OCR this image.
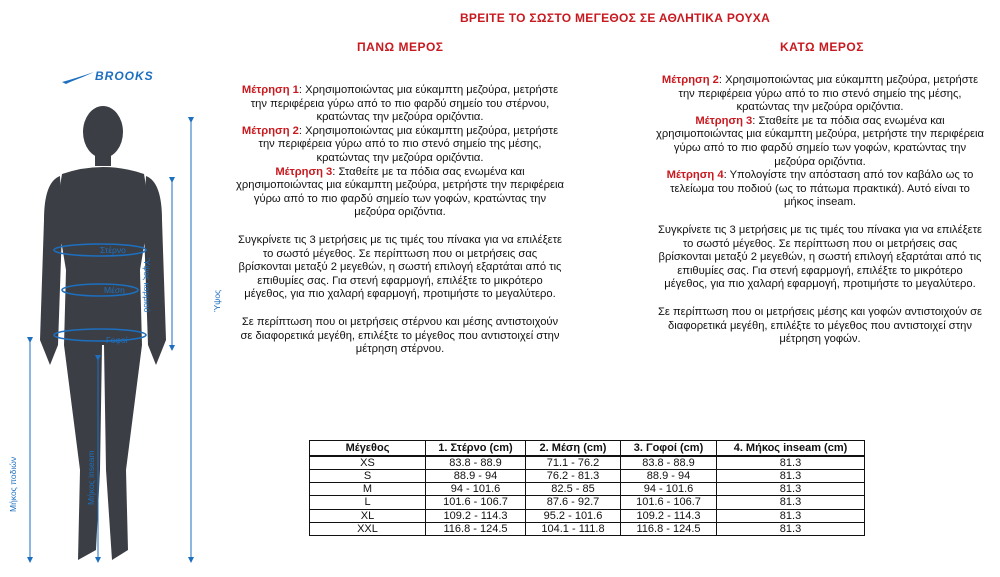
ΒΡΕΙΤΕ ΤΟ ΣΩΣΤΟ ΜΕΓΕΘΟΣ ΣΕ ΑΘΛΗΤΙΚΑ ΡΟΥΧΑ
BROOKS
Στέρνο
Μέση
Γοφοί
Ύψος κορμιού	Ύψος
Μήκος ποδιών	Μήκος inseam
ΠΑΝΩ ΜΕΡΟΣ	ΚΑΤΩ ΜΕΡΟΣ
Μέτρηση 1: Χρησιμοποιώντας μια εύκαμπτη μεζούρα, μετρήστε την περιφέρεια γύρω από το πιο φαρδύ σημείο του στέρνου, κρατώντας την μεζούρα οριζόντια.
Μέτρηση 2: Χρησιμοποιώντας μια εύκαμπτη μεζούρα, μετρήστε την περιφέρεια γύρω από το πιο στενό σημείο της μέσης, κρατώντας την μεζούρα οριζόντια.
Μέτρηση 3: Σταθείτε με τα πόδια σας ενωμένα και χρησιμοποιώντας μια εύκαμπτη μεζούρα, μετρήστε την περιφέρεια γύρω από το πιο φαρδύ σημείο των γοφών, κρατώντας την μεζούρα οριζόντια.
Συγκρίνετε τις 3 μετρήσεις με τις τιμές του πίνακα για να επιλέξετε το σωστό μέγεθος. Σε περίπτωση που οι μετρήσεις σας βρίσκονται μεταξύ 2 μεγεθών, η σωστή επιλογή εξαρτάται από τις επιθυμίες σας. Για στενή εφαρμογή, επιλέξτε το μικρότερο μέγεθος, για πιο χαλαρή εφαρμογή, προτιμήστε το μεγαλύτερο.
Σε περίπτωση που οι μετρήσεις στέρνου και μέσης αντιστοιχούν σε διαφορετικά μεγέθη, επιλέξτε το μέγεθος που αντιστοιχεί στην μέτρηση στέρνου.
Μέτρηση 2: Χρησιμοποιώντας μια εύκαμπτη μεζούρα, μετρήστε την περιφέρεια γύρω από το πιο στενό σημείο της μέσης, κρατώντας την μεζούρα οριζόντια.
Μέτρηση 3: Σταθείτε με τα πόδια σας ενωμένα και χρησιμοποιώντας μια εύκαμπτη μεζούρα, μετρήστε την περιφέρεια γύρω από το πιο φαρδύ σημείο των γοφών, κρατώντας την μεζούρα οριζόντια.
Μέτρηση 4: Υπολογίστε την απόσταση από τον καβάλο ως το τελείωμα του ποδιού (ως το πάτωμα πρακτικά). Αυτό είναι το μήκος inseam.
Συγκρίνετε τις 3 μετρήσεις με τις τιμές του πίνακα για να επιλέξετε το σωστό μέγεθος. Σε περίπτωση που οι μετρήσεις σας βρίσκονται μεταξύ 2 μεγεθών, η σωστή επιλογή εξαρτάται από τις επιθυμίες σας. Για στενή εφαρμογή, επιλέξτε το μικρότερο μέγεθος, για πιο χαλαρή εφαρμογή, προτιμήστε το μεγαλύτερο.
Σε περίπτωση που οι μετρήσεις μέσης και γοφών αντιστοιχούν σε διαφορετικά μεγέθη, επιλέξτε το μέγεθος που αντιστοιχεί στην μέτρηση γοφών.
Μέγεθος	1. Στέρνο (cm)	2. Μέση (cm)	3. Γοφοί (cm)	4. Μήκος inseam (cm)
XS	83.8 - 88.9	71.1 - 76.2	83.8 - 88.9	81.3
S	88.9 - 94	76.2 - 81.3	88.9 - 94	81.3
M	94 - 101.6	82.5 - 85	94 - 101.6	81.3
L	101.6 - 106.7	87.6 - 92.7	101.6 - 106.7	81.3
XL	109.2 - 114.3	95.2 - 101.6	109.2 - 114.3	81.3
XXL	116.8 - 124.5	104.1 - 111.8	116.8 - 124.5	81.3
